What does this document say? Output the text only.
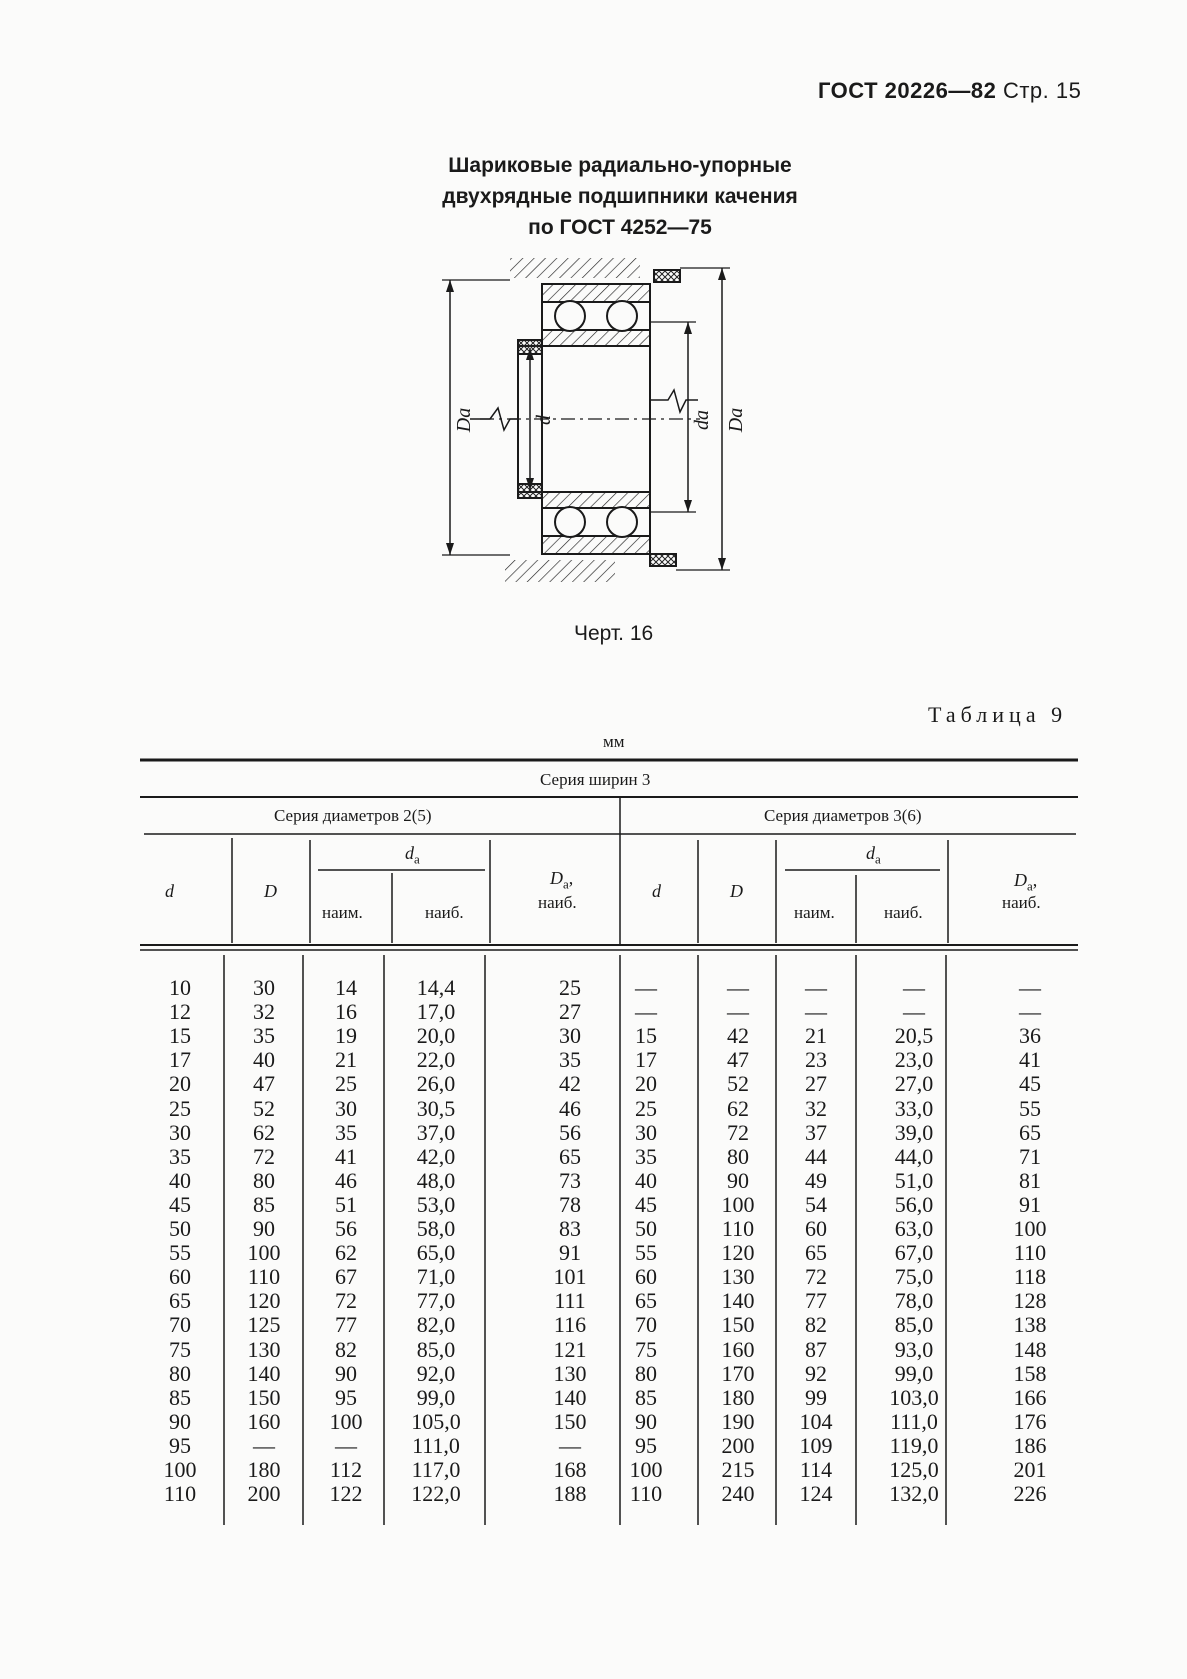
ГОСТ 20226—82 Стр. 15
Шариковые радиально-упорные
двухрядные подшипники качения
по ГОСТ 4252—75
Da	d	da Da
Черт. 16
Таблица 9
мм
Серия ширин 3
Серия диаметров 2(5)	Серия диаметров 3(6)
d	D
$d_a$
наим.	наиб.
$D_a$,
наиб.
d	D
$d_a$
наим.	наиб.
$D_a$,
наиб.
10	30	14	14,4	25	—	—	—	—	—
12	32	16	17,0	27	—	—	—	—	—
15	35	19	20,0	30	15	42	21	20,5	36
17	40	21	22,0	35	17	47	23	23,0	41
20	47	25	26,0	42	20	52	27	27,0	45
25	52	30	30,5	46	25	62	32	33,0	55
30	62	35	37,0	56	30	72	37	39,0	65
35	72	41	42,0	65	35	80	44	44,0	71
40	80	46	48,0	73	40	90	49	51,0	81
45	85	51	53,0	78	45	100	54	56,0	91
50	90	56	58,0	83	50	110	60	63,0	100
55	100	62	65,0	91	55	120	65	67,0	110
60	110	67	71,0	101	60	130	72	75,0	118
65	120	72	77,0	111	65	140	77	78,0	128
70	125	77	82,0	116	70	150	82	85,0	138
75	130	82	85,0	121	75	160	87	93,0	148
80	140	90	92,0	130	80	170	92	99,0	158
85	150	95	99,0	140	85	180	99	103,0	166
90	160	100	105,0	150	90	190	104	111,0	176
95	—	—	111,0	—	95	200	109	119,0	186
100	180	112	117,0	168	100	215	114	125,0	201
110	200	122	122,0	188	110	240	124	132,0	226
